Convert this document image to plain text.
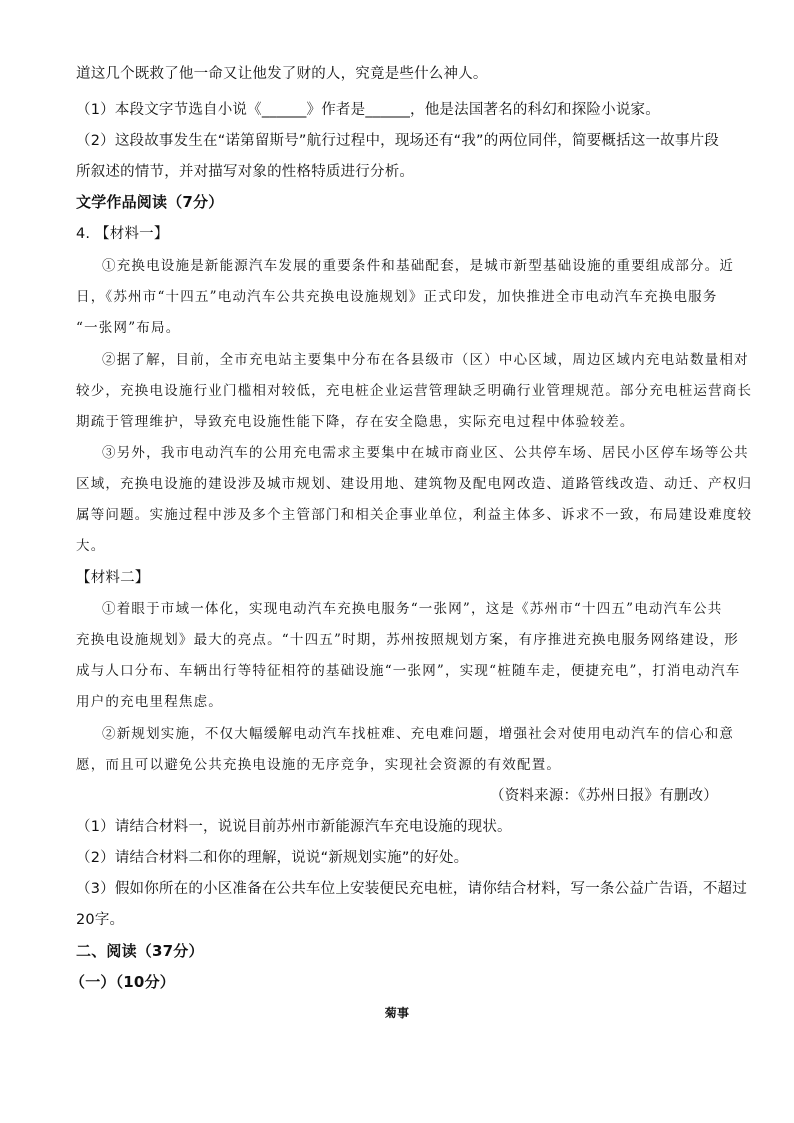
道这几个既救了他一命又让他发了财的人，究竟是些什么神人。
（1）本段文字节选自小说《______》作者是______，他是法国著名的科幻和探险小说家。
（2）这段故事发生在“诺第留斯号”航行过程中，现场还有“我”的两位同伴，简要概括这一故事片段
所叙述的情节，并对描写对象的性格特质进行分析。
文学作品阅读（7分）
4. 【材料一】
①充换电设施是新能源汽车发展的重要条件和基础配套，是城市新型基础设施的重要组成部分。近
日，《苏州市“十四五”电动汽车公共充换电设施规划》正式印发，加快推进全市电动汽车充换电服务
“一张网”布局。
②据了解，目前，全市充电站主要集中分布在各县级市（区）中心区域，周边区域内充电站数量相对
较少，充换电设施行业门槛相对较低，充电桩企业运营管理缺乏明确行业管理规范。部分充电桩运营商长
期疏于管理维护，导致充电设施性能下降，存在安全隐患，实际充电过程中体验较差。
③另外，我市电动汽车的公用充电需求主要集中在城市商业区、公共停车场、居民小区停车场等公共
区域，充换电设施的建设涉及城市规划、建设用地、建筑物及配电网改造、道路管线改造、动迁、产权归
属等问题。实施过程中涉及多个主管部门和相关企事业单位，利益主体多、诉求不一致，布局建设难度较
大。
【材料二】
①着眼于市域一体化，实现电动汽车充换电服务“一张网”，这是《苏州市“十四五”电动汽车公共
充换电设施规划》最大的亮点。“十四五”时期，苏州按照规划方案，有序推进充换电服务网络建设，形
成与人口分布、车辆出行等特征相符的基础设施“一张网”，实现“桩随车走，便捷充电”，打消电动汽车
用户的充电里程焦虑。
②新规划实施，不仅大幅缓解电动汽车找桩难、充电难问题，增强社会对使用电动汽车的信心和意
愿，而且可以避免公共充换电设施的无序竞争，实现社会资源的有效配置。
（资料来源：《苏州日报》有删改）
（1）请结合材料一，说说目前苏州市新能源汽车充电设施的现状。
（2）请结合材料二和你的理解，说说“新规划实施”的好处。
（3）假如你所在的小区准备在公共车位上安装便民充电桩，请你结合材料，写一条公益广告语，不超过
20字。
二、阅读（37分）
（一）（10分）
菊事
